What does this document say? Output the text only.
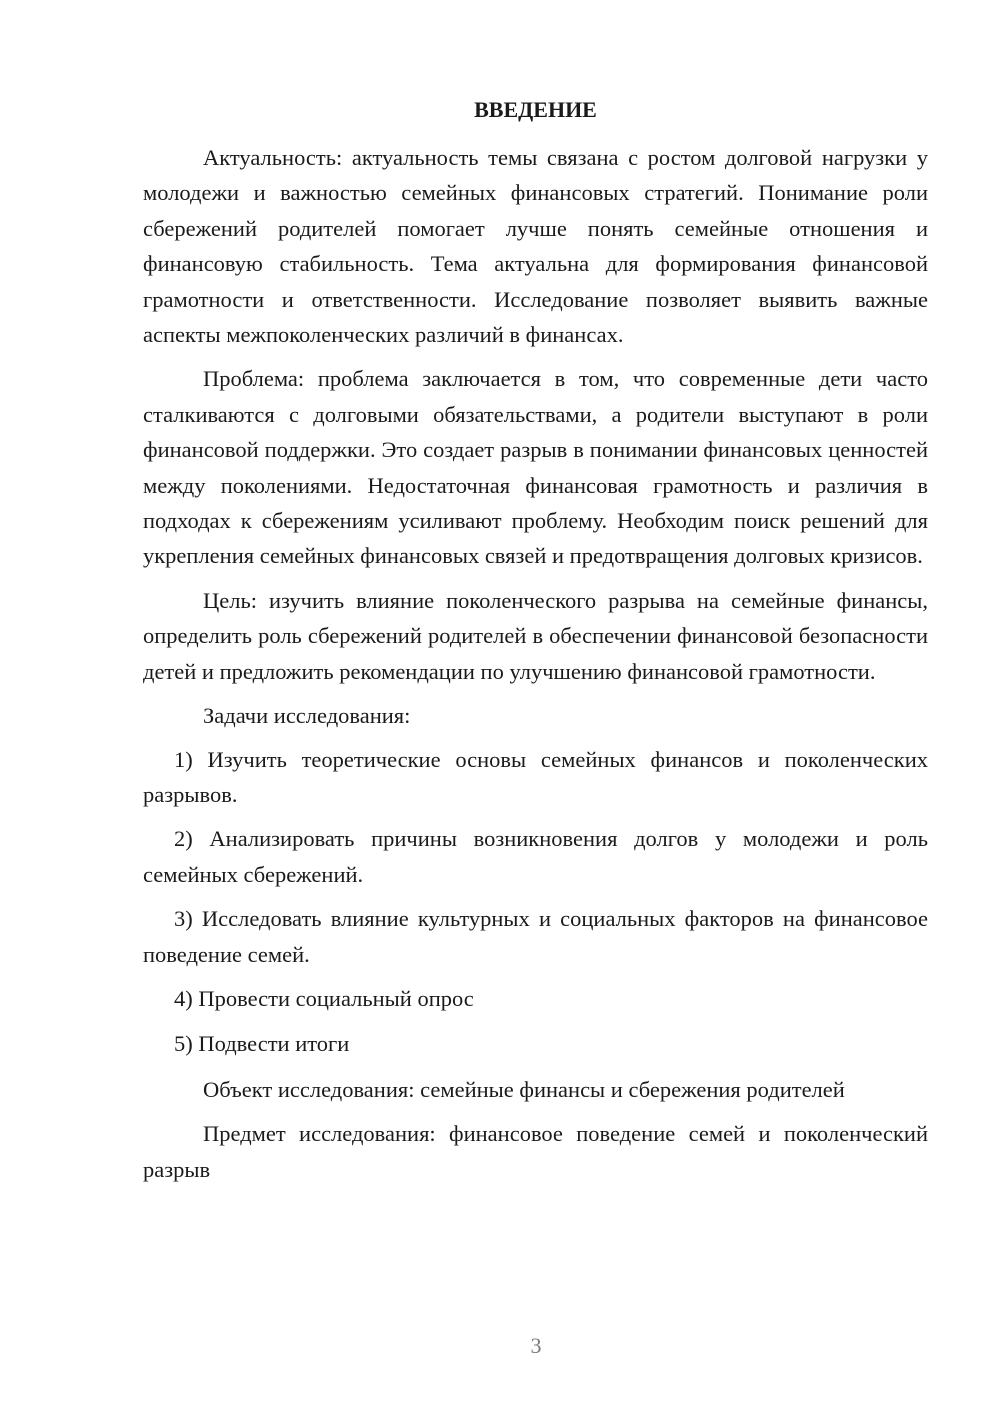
ВВЕДЕНИЕ

Актуальность: актуальность темы связана с ростом долговой нагрузки у молодежи и важностью семейных финансовых стратегий. Понимание роли сбережений родителей помогает лучше понять семейные отношения и финансовую стабильность. Тема актуальна для формирования финансовой грамотности и ответственности. Исследование позволяет выявить важные аспекты межпоколенческих различий в финансах.

Проблема: проблема заключается в том, что современные дети часто сталкиваются с долговыми обязательствами, а родители выступают в роли финансовой поддержки. Это создает разрыв в понимании финансовых ценностей между поколениями. Недостаточная финансовая грамотность и различия в подходах к сбережениям усиливают проблему. Необходим поиск решений для укрепления семейных финансовых связей и предотвращения долговых кризисов.

Цель: изучить влияние поколенческого разрыва на семейные финансы, определить роль сбережений родителей в обеспечении финансовой безопасности детей и предложить рекомендации по улучшению финансовой грамотности.

Задачи исследования:

1) Изучить теоретические основы семейных финансов и поколенческих разрывов.

2) Анализировать причины возникновения долгов у молодежи и роль семейных сбережений.

3) Исследовать влияние культурных и социальных факторов на финансовое поведение семей.

4) Провести социальный опрос

5) Подвести итоги

Объект исследования: семейные финансы и сбережения родителей

Предмет исследования: финансовое поведение семей и поколенческий разрыв

3
